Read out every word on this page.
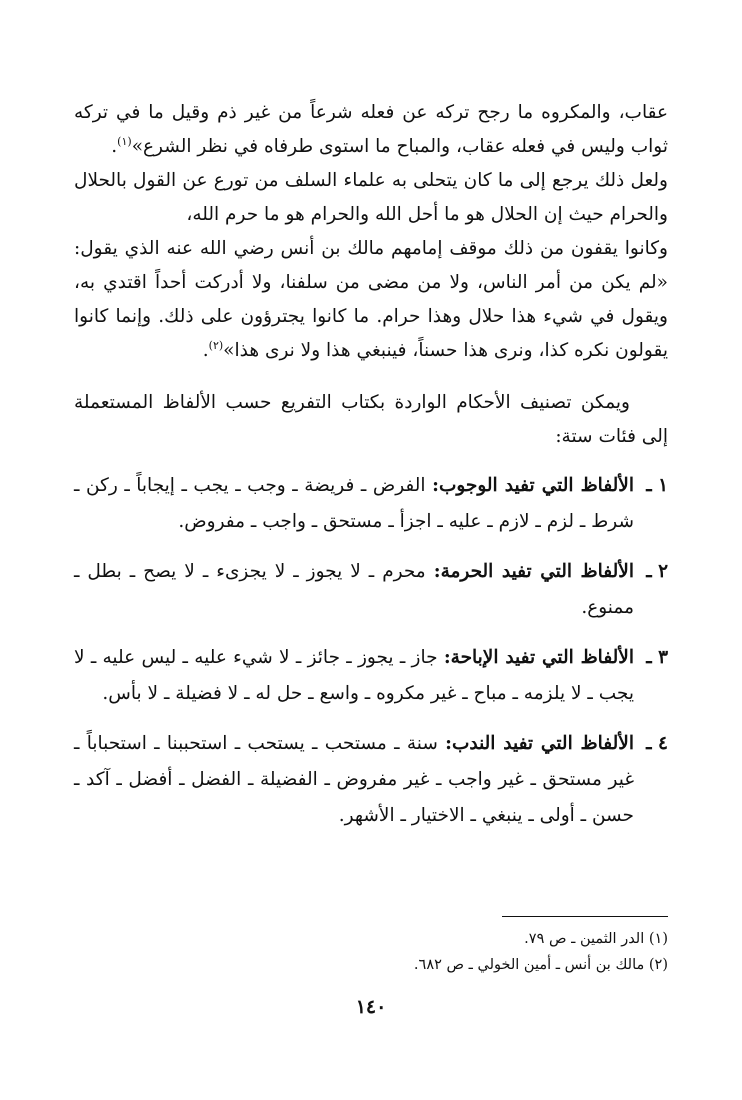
عقاب، والمكروه ما رجح تركه عن فعله شرعاً من غير ذم وقيل ما في تركه ثواب وليس في فعله عقاب، والمباح ما استوى طرفاه في نظر الشرع»$^{(١)}$.

ولعل ذلك يرجع إلى ما كان يتحلى به علماء السلف من تورع عن القول بالحلال والحرام حيث إن الحلال هو ما أحل الله والحرام هو ما حرم الله،

وكانوا يقفون من ذلك موقف إمامهم مالك بن أنس رضي الله عنه الذي يقول: «لم يكن من أمر الناس، ولا من مضى من سلفنا، ولا أدركت أحداً اقتدي به، ويقول في شيء هذا حلال وهذا حرام. ما كانوا يجترؤون على ذلك. وإنما كانوا يقولون نكره كذا، ونرى هذا حسناً، فينبغي هذا ولا نرى هذا»$^{(٢)}$.

ويمكن تصنيف الأحكام الواردة بكتاب التفريع حسب الألفاظ المستعملة إلى فئات ستة:

١ ـالألفاظ التي تفيد الوجوب: الفرض ـ فريضة ـ وجب ـ يجب ـ إيجاباً ـ ركن ـ شرط ـ لزم ـ لازم ـ عليه ـ اجزأ ـ مستحق ـ واجب ـ مفروض.

٢ ـالألفاظ التي تفيد الحرمة: محرم ـ لا يجوز ـ لا يجزىء ـ لا يصح ـ بطل ـ ممنوع.

٣ ـالألفاظ التي تفيد الإباحة: جاز ـ يجوز ـ جائز ـ لا شيء عليه ـ ليس عليه ـ لا يجب ـ لا يلزمه ـ مباح ـ غير مكروه ـ واسع ـ حل له ـ لا فضيلة ـ لا بأس.

٤ ـالألفاظ التي تفيد الندب: سنة ـ مستحب ـ يستحب ـ استحببنا ـ استحباباً ـ غير مستحق ـ غير واجب ـ غير مفروض ـ الفضيلة ـ الفضل ـ أفضل ـ آكد ـ حسن ـ أولى ـ ينبغي ـ الاختيار ـ الأشهر.

(١) الدر الثمين ـ ص ٧٩.
(٢) مالك بن أنس ـ أمين الخولي ـ ص ٦٨٢.
١٤٠
